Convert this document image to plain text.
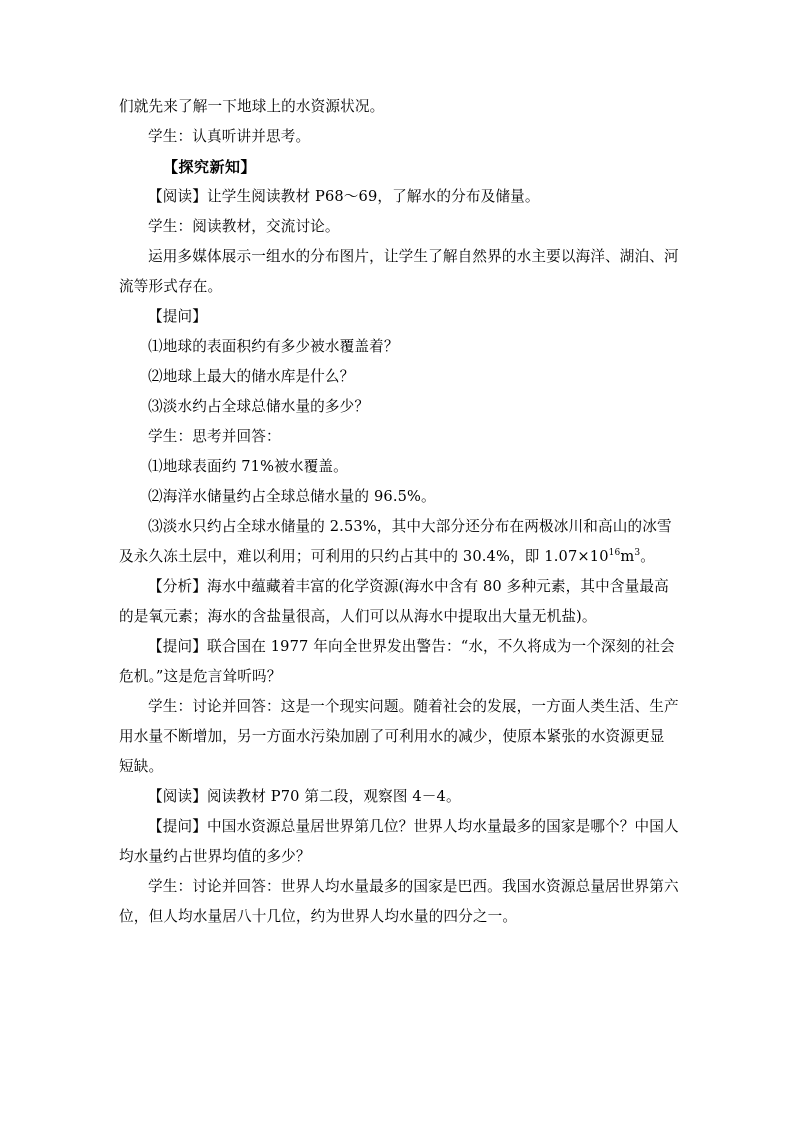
们就先来了解一下地球上的水资源状况。

学生：认真听讲并思考。

【探究新知】

【阅读】让学生阅读教材 P68～69，了解水的分布及储量。

学生：阅读教材，交流讨论。

运用多媒体展示一组水的分布图片，让学生了解自然界的水主要以海洋、湖泊、河流等形式存在。

【提问】

⑴地球的表面积约有多少被水覆盖着？

⑵地球上最大的储水库是什么？

⑶淡水约占全球总储水量的多少？

学生：思考并回答：

⑴地球表面约 71%被水覆盖。

⑵海洋水储量约占全球总储水量的 96.5%。

⑶淡水只约占全球水储量的 2.53%，其中大部分还分布在两极冰川和高山的冰雪及永久冻土层中，难以利用；可利用的只约占其中的 30.4%，即 $1.07\times 10^{16}m^3$。

【分析】海水中蕴藏着丰富的化学资源(海水中含有 80 多种元素，其中含量最高的是氧元素；海水的含盐量很高，人们可以从海水中提取出大量无机盐)。

【提问】联合国在 1977 年向全世界发出警告：“水，不久将成为一个深刻的社会危机。”这是危言耸听吗？

学生：讨论并回答：这是一个现实问题。随着社会的发展，一方面人类生活、生产用水量不断增加，另一方面水污染加剧了可利用水的减少，使原本紧张的水资源更显短缺。

【阅读】阅读教材 P70 第二段，观察图 4－4。

【提问】中国水资源总量居世界第几位？世界人均水量最多的国家是哪个？中国人均水量约占世界均值的多少？

学生：讨论并回答：世界人均水量最多的国家是巴西。我国水资源总量居世界第六位，但人均水量居八十几位，约为世界人均水量的四分之一。
